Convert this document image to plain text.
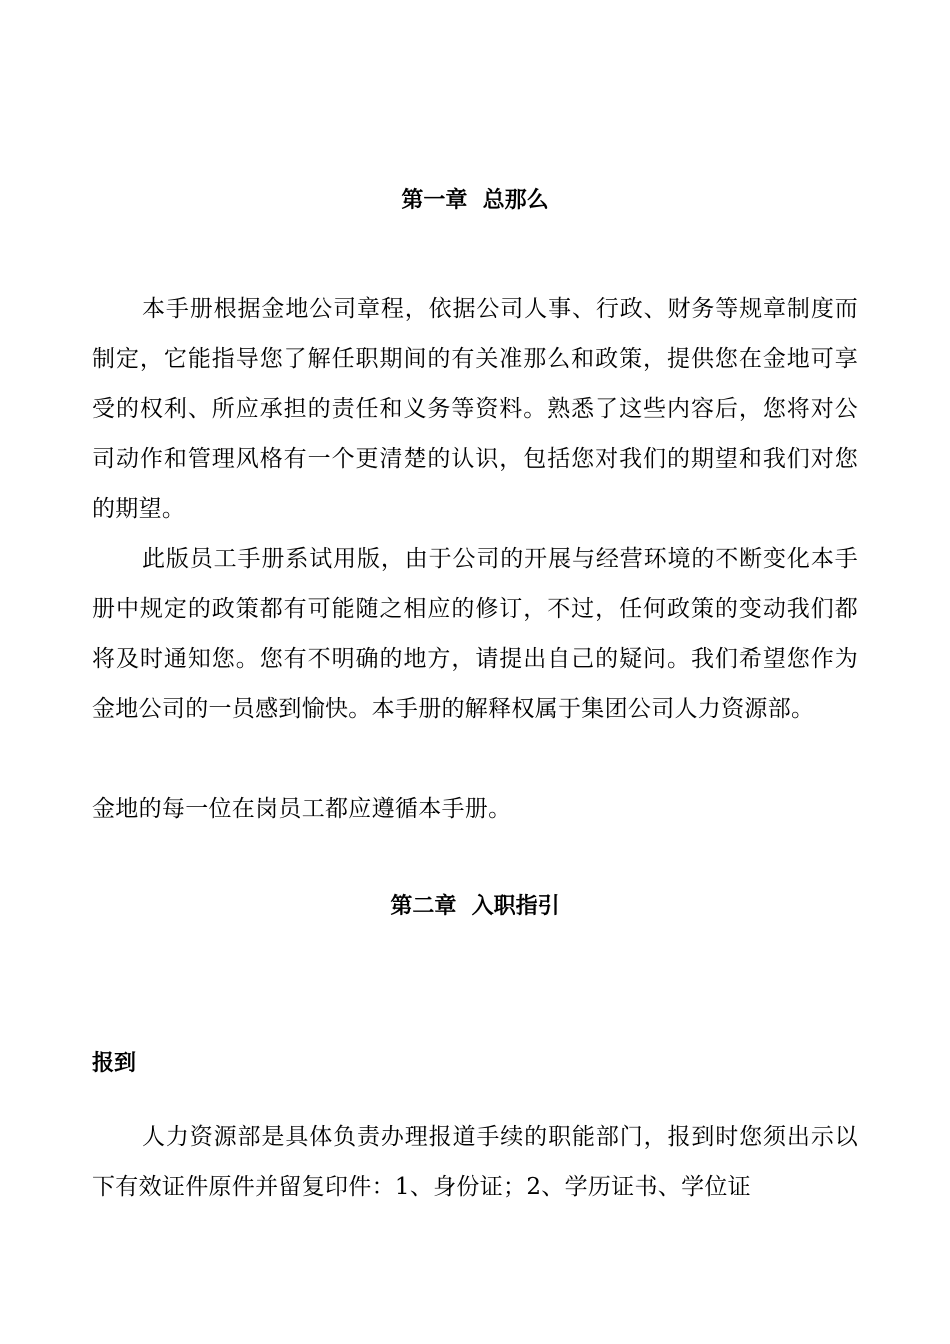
第一章  总那么

本手册根据金地公司章程，依据公司人事、行政、财务等规章制度而制定，它能指导您了解任职期间的有关准那么和政策，提供您在金地可享受的权利、所应承担的责任和义务等资料。熟悉了这些内容后，您将对公司动作和管理风格有一个更清楚的认识，包括您对我们的期望和我们对您的期望。

此版员工手册系试用版，由于公司的开展与经营环境的不断变化本手册中规定的政策都有可能随之相应的修订，不过，任何政策的变动我们都将及时通知您。您有不明确的地方，请提出自己的疑问。我们希望您作为金地公司的一员感到愉快。本手册的解释权属于集团公司人力资源部。

金地的每一位在岗员工都应遵循本手册。

第二章  入职指引
报到

人力资源部是具体负责办理报道手续的职能部门，报到时您须出示以下有效证件原件并留复印件：1、身份证；2、学历证书、学位证
